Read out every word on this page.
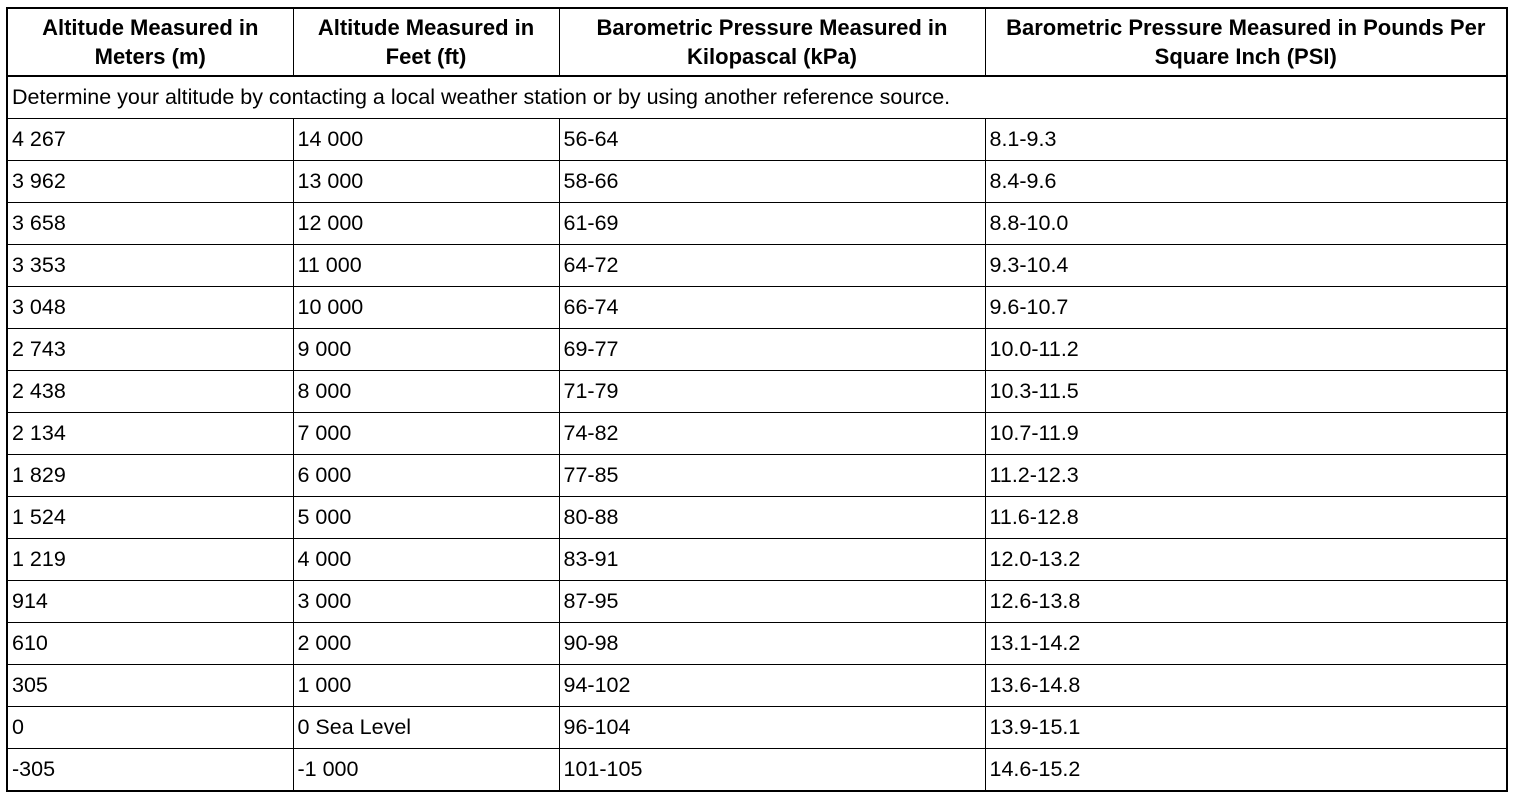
Altitude Measured in Meters (m)	Altitude Measured in Feet (ft)	Barometric Pressure Measured in Kilopascal (kPa)	Barometric Pressure Measured in Pounds Per Square Inch (PSI)
Determine your altitude by contacting a local weather station or by using another reference source.			
4 267	14 000	56-64	8.1-9.3
3 962	13 000	58-66	8.4-9.6
3 658	12 000	61-69	8.8-10.0
3 353	11 000	64-72	9.3-10.4
3 048	10 000	66-74	9.6-10.7
2 743	9 000	69-77	10.0-11.2
2 438	8 000	71-79	10.3-11.5
2 134	7 000	74-82	10.7-11.9
1 829	6 000	77-85	11.2-12.3
1 524	5 000	80-88	11.6-12.8
1 219	4 000	83-91	12.0-13.2
914	3 000	87-95	12.6-13.8
610	2 000	90-98	13.1-14.2
305	1 000	94-102	13.6-14.8
0	0 Sea Level	96-104	13.9-15.1
-305	-1 000	101-105	14.6-15.2
